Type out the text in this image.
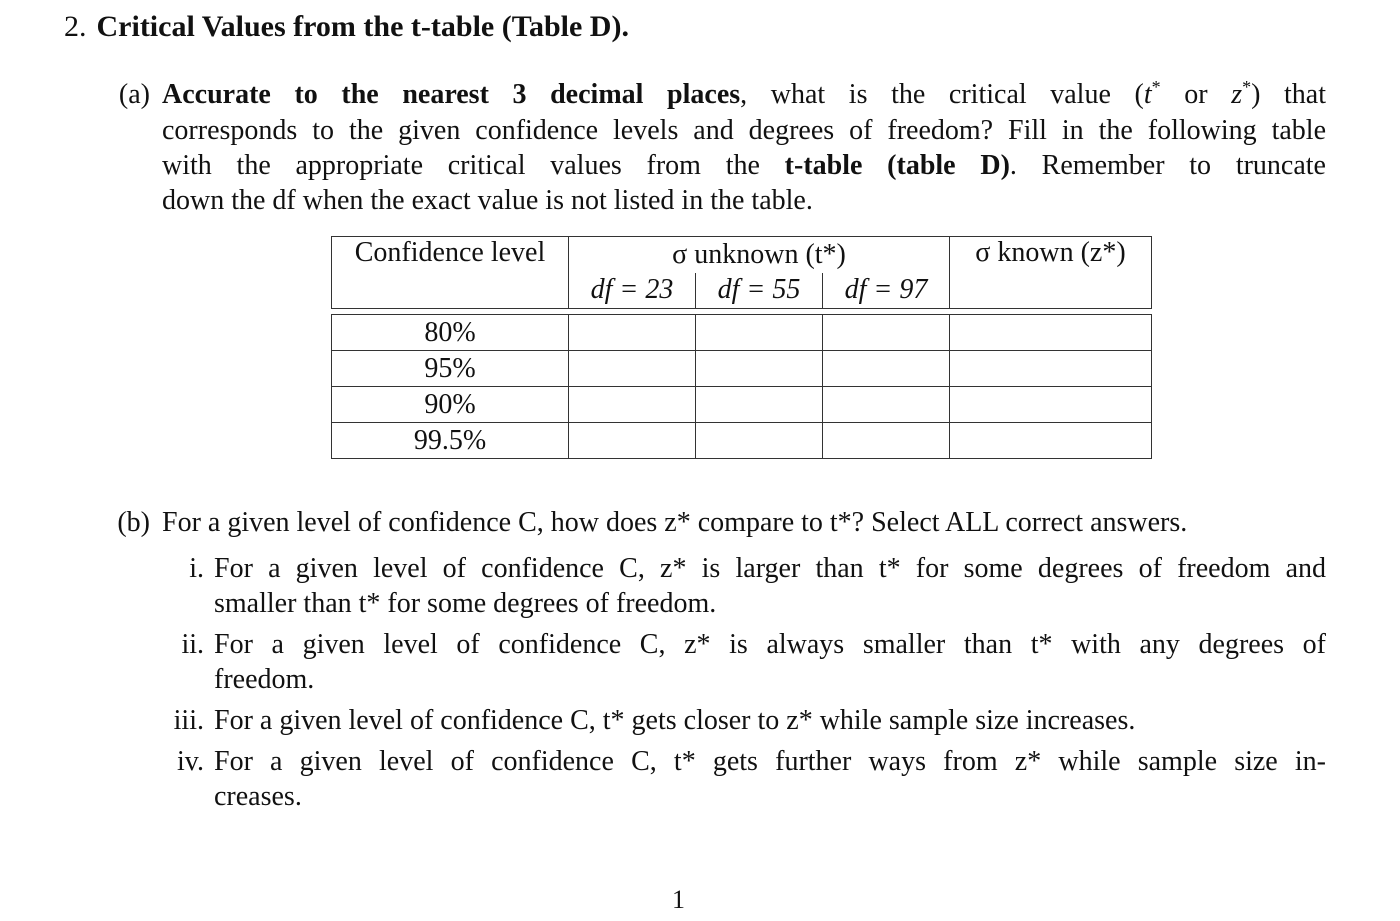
2. Critical Values from the t-table (Table D).
(a) Accurate to the nearest 3 decimal places, what is the critical value (t* or z*) that
corresponds to the given confidence levels and degrees of freedom? Fill in the following table
with the appropriate critical values from the t-table (table D). Remember to truncate
down the df when the exact value is not listed in the table.
Confidence level	σ unknown (t*)			σ known (z*)
	df = 23	df = 55	df = 97	

80%				
95%				
90%				
99.5%				
(b) For a given level of confidence C, how does z* compare to t*? Select ALL correct answers.
i. For a given level of confidence C, z* is larger than t* for some degrees of freedom and
smaller than t* for some degrees of freedom.
ii. For a given level of confidence C, z* is always smaller than t* with any degrees of
freedom.
iii. For a given level of confidence C, t* gets closer to z* while sample size increases.
iv. For a given level of confidence C, t* gets further ways from z* while sample size in-
creases.
1
